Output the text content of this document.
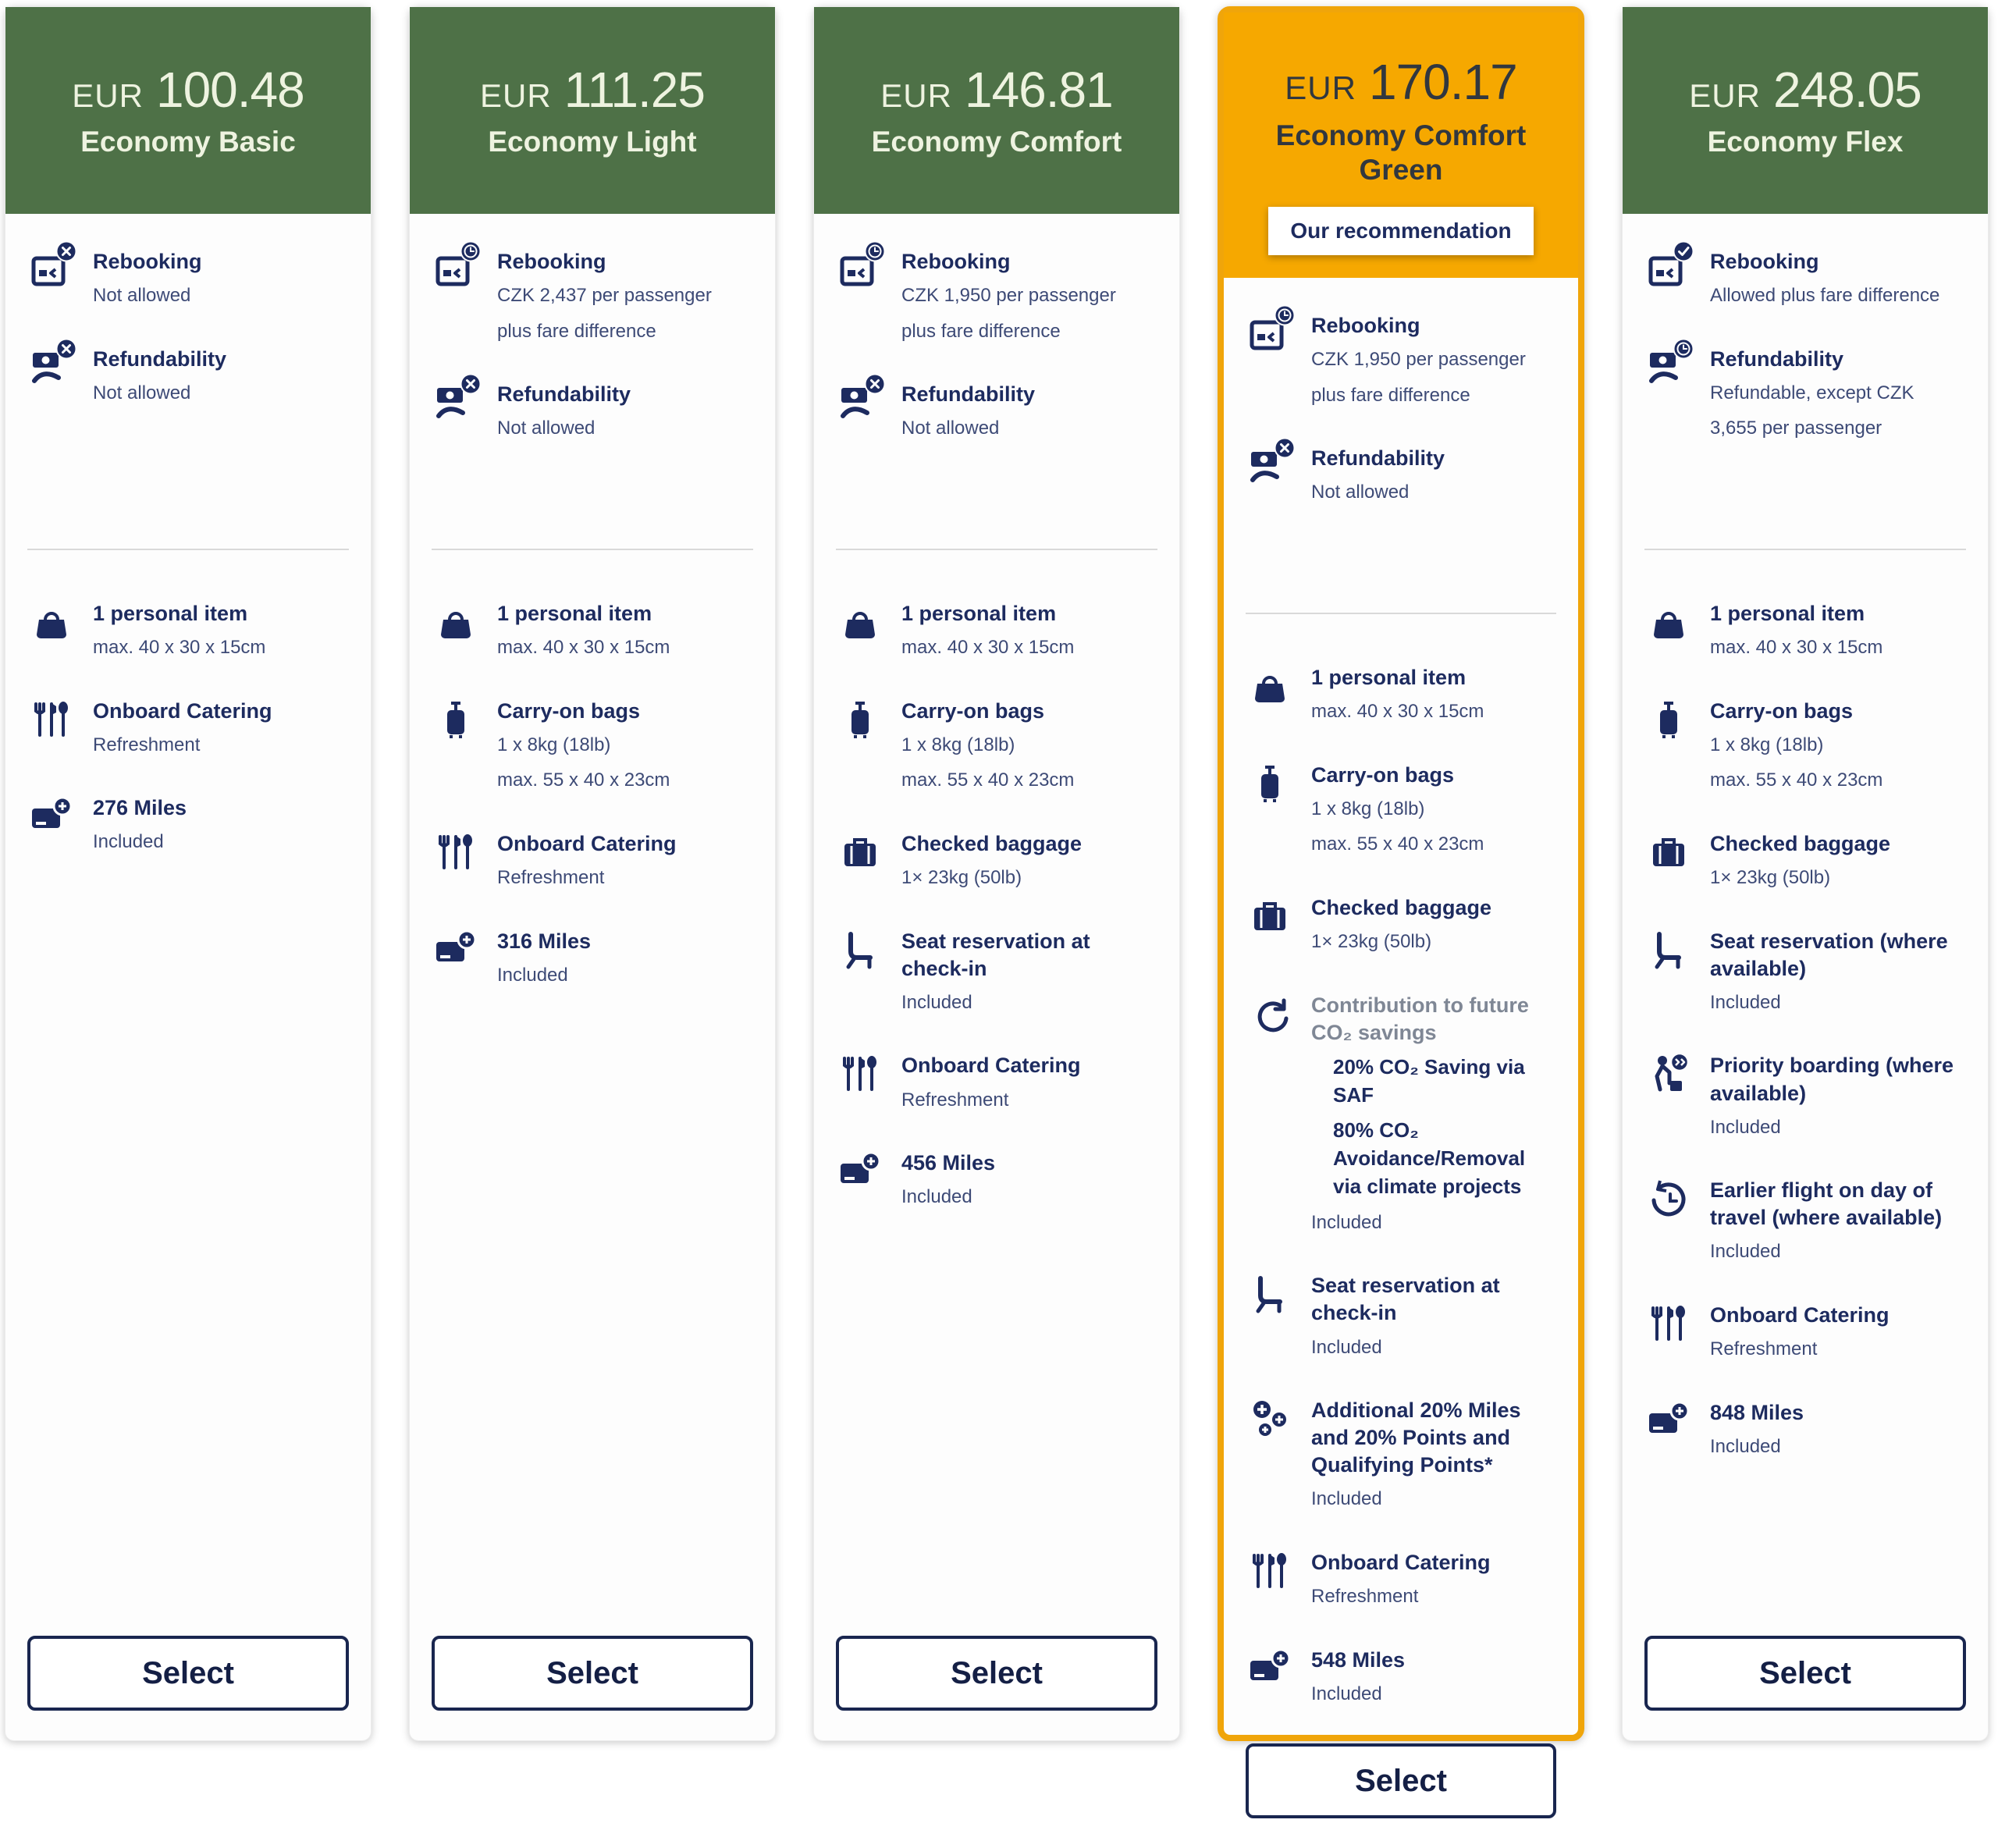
EUR 100.48
Economy Basic
Rebooking
Not allowed
Refundability
Not allowed
1 personal item
max. 40 x 30 x 15cm
Onboard Catering
Refreshment
276 Miles
Included
Select
EUR 111.25
Economy Light
Rebooking
CZK 2,437 per passenger
plus fare difference
Refundability
Not allowed
1 personal item
max. 40 x 30 x 15cm
Carry-on bags
1 x 8kg (18lb)
max. 55 x 40 x 23cm
Onboard Catering
Refreshment
316 Miles
Included
Select
EUR 146.81
Economy Comfort
Rebooking
CZK 1,950 per passenger
plus fare difference
Refundability
Not allowed
1 personal item
max. 40 x 30 x 15cm
Carry-on bags
1 x 8kg (18lb)
max. 55 x 40 x 23cm
Checked baggage
1× 23kg (50lb)
Seat reservation at check-in
Included
Onboard Catering
Refreshment
456 Miles
Included
Select
EUR 170.17
Economy Comfort Green
Our recommendation
Rebooking
CZK 1,950 per passenger
plus fare difference
Refundability
Not allowed
1 personal item
max. 40 x 30 x 15cm
Carry-on bags
1 x 8kg (18lb)
max. 55 x 40 x 23cm
Checked baggage
1× 23kg (50lb)
Contribution to future CO₂ savings
20% CO₂ Saving via SAF
80% CO₂ Avoidance/Removal via climate projects
Included
Seat reservation at check-in
Included
Additional 20% Miles and 20% Points and Qualifying Points*
Included
Onboard Catering
Refreshment
548 Miles
Included
Select
EUR 248.05
Economy Flex
Rebooking
Allowed plus fare difference
Refundability
Refundable, except CZK
3,655 per passenger
1 personal item
max. 40 x 30 x 15cm
Carry-on bags
1 x 8kg (18lb)
max. 55 x 40 x 23cm
Checked baggage
1× 23kg (50lb)
Seat reservation (where available)
Included
Priority boarding (where available)
Included
Earlier flight on day of travel (where available)
Included
Onboard Catering
Refreshment
848 Miles
Included
Select
